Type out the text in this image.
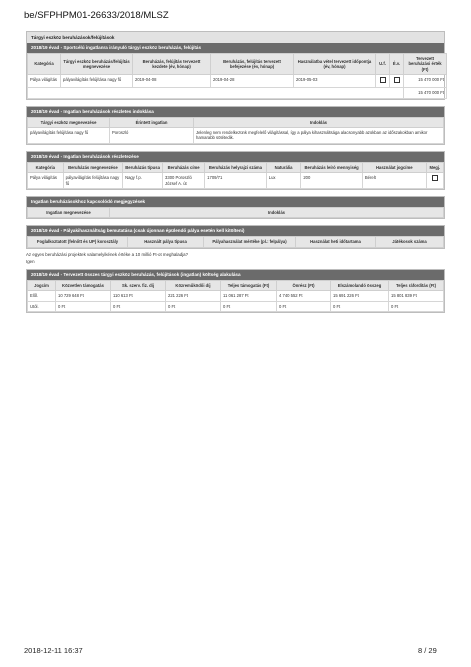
be/SFPHPM01-26633/2018/MLSZ
Tárgyi eszköz beruházások/felújítások
2018/19 évad - Sportcélú ingatlanra irányuló tárgyi eszköz beruházás, felújítás
Kategória	Tárgyi eszköz beruházás/felújítás megnevezése	Beruházás, felújítás tervezett kezdete (év, hónap)	Beruházás, felújítás tervezett befejezése (év, hónap)	Használatba vétel tervezett időpontja (év, hónap)	U.f.	É.v.	Tervezett beruházási érték (Ft)
Pálya világítás	pályavilágítás felújítása nagy fű	2019-04-08	2019-04-28	2019-05-03			15 470 000 Ft
							15 470 000 Ft
2018/19 évad - Ingatlan beruházások részletes indoklása
Tárgyi eszköz megnevezése	Érintett ingatlan	Indoklás
pályavilágítás felújítása nagy fű	Poroszló	Jelenleg nem rendelkezünk megfelelő világítással, így a pálya kihasználtsága alacsonyabb azokban az időszakokban amikor hamarabb sötétedik.
2018/19 évad - Ingatlan beruházások részletezése
Kategória	Beruházás megnevezése	Beruházás típusa	Beruházás címe	Beruházás helyrajzi száma	Naturália	Beruházás leíró mennyiség	Használat jogcíme	Megj.
Pálya világítás	pályavilágítás felújítása nagy fű	Nagy f.p.	3300 Poroszló József A. út	1709/71	Lux	200	Bérelt	
Ingatlan beruházásokhoz kapcsolódó megjegyzések
Ingatlan megnevezése	Indoklás
2018/19 évad - Pályakihasználtság bemutatása (csak újonnan épülendő pálya esetén kell kitölteni)
Foglalkoztatott (felnőtt és UP) korosztály	Használt pálya típusa	Pályahasználat mértéke (pl.: felpálya)	Használat heti időtartama	Játékosok száma
Az egyes beruházási projektek valamelyikének értéke a 10 millió Ft-ot meghaladja?
Igen
2018/19 évad - Tervezett összes tárgyi eszköz beruházás, felújítások (ingatlan) költség alakulása
Jogcím	Közvetlen támogatás	Sk. szerv. fiz. díj	Közreműködői díj	Teljes támogatás (Ft)	Önrész (Ft)	Elszámolandó összeg	Teljes ráfordítás (Ft)
Elől.	10 729 648 Ft	110 613 Ft	221 226 Ft	11 061 287 Ft	4 740 552 Ft	15 691 226 Ft	15 801 839 Ft
Utól.	0 Ft	0 Ft	0 Ft	0 Ft	0 Ft	0 Ft	0 Ft
2018-12-11 16:37	8 / 29
